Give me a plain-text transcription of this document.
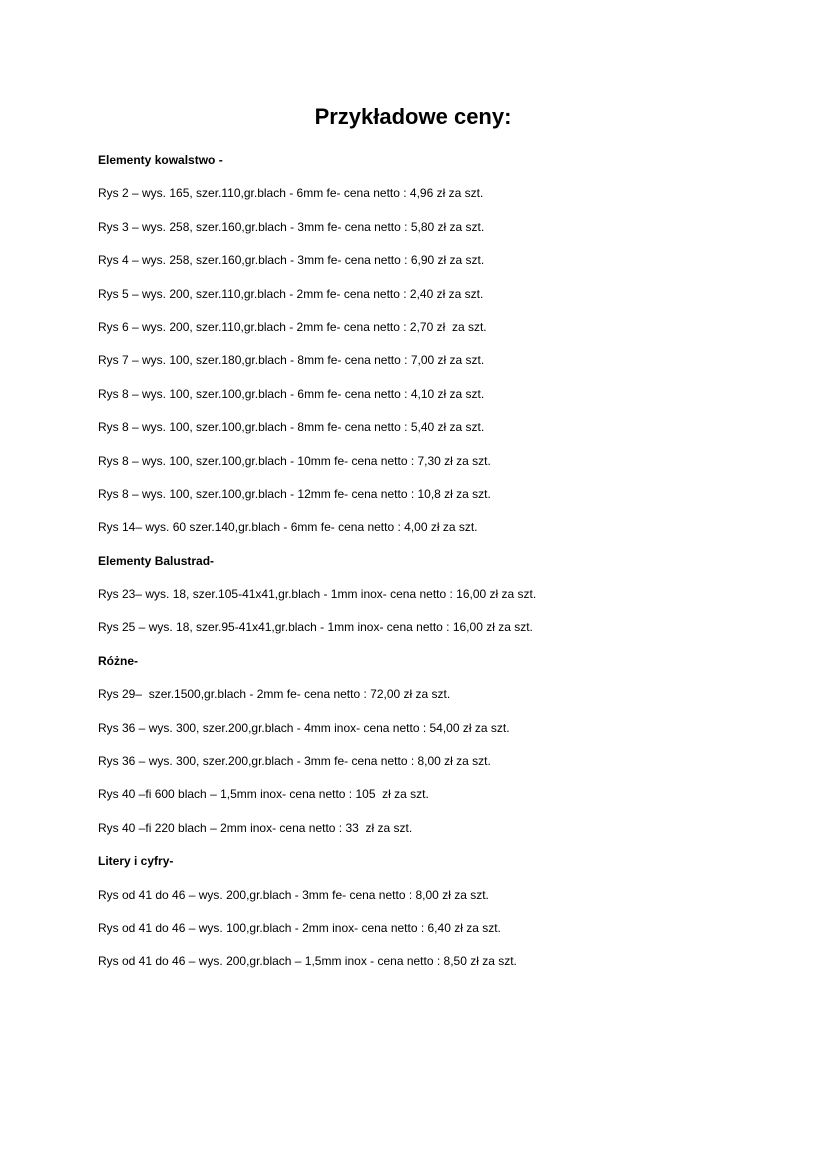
Przykładowe ceny:

Elementy kowalstwo -

Rys 2 – wys. 165, szer.110,gr.blach - 6mm fe- cena netto : 4,96 zł za szt.

Rys 3 – wys. 258, szer.160,gr.blach - 3mm fe- cena netto : 5,80 zł za szt.

Rys 4 – wys. 258, szer.160,gr.blach - 3mm fe- cena netto : 6,90 zł za szt.

Rys 5 – wys. 200, szer.110,gr.blach - 2mm fe- cena netto : 2,40 zł za szt.

Rys 6 – wys. 200, szer.110,gr.blach - 2mm fe- cena netto : 2,70 zł  za szt.

Rys 7 – wys. 100, szer.180,gr.blach - 8mm fe- cena netto : 7,00 zł za szt.

Rys 8 – wys. 100, szer.100,gr.blach - 6mm fe- cena netto : 4,10 zł za szt.

Rys 8 – wys. 100, szer.100,gr.blach - 8mm fe- cena netto : 5,40 zł za szt.

Rys 8 – wys. 100, szer.100,gr.blach - 10mm fe- cena netto : 7,30 zł za szt.

Rys 8 – wys. 100, szer.100,gr.blach - 12mm fe- cena netto : 10,8 zł za szt.

Rys 14– wys. 60 szer.140,gr.blach - 6mm fe- cena netto : 4,00 zł za szt.

Elementy Balustrad-

Rys 23– wys. 18, szer.105-41x41,gr.blach - 1mm inox- cena netto : 16,00 zł za szt.

Rys 25 – wys. 18, szer.95-41x41,gr.blach - 1mm inox- cena netto : 16,00 zł za szt.

Różne-

Rys 29–  szer.1500,gr.blach - 2mm fe- cena netto : 72,00 zł za szt.

Rys 36 – wys. 300, szer.200,gr.blach - 4mm inox- cena netto : 54,00 zł za szt.

Rys 36 – wys. 300, szer.200,gr.blach - 3mm fe- cena netto : 8,00 zł za szt.

Rys 40 –fi 600 blach – 1,5mm inox- cena netto : 105  zł za szt.

Rys 40 –fi 220 blach – 2mm inox- cena netto : 33  zł za szt.

Litery i cyfry-

Rys od 41 do 46 – wys. 200,gr.blach - 3mm fe- cena netto : 8,00 zł za szt.

Rys od 41 do 46 – wys. 100,gr.blach - 2mm inox- cena netto : 6,40 zł za szt.

Rys od 41 do 46 – wys. 200,gr.blach – 1,5mm inox - cena netto : 8,50 zł za szt.
